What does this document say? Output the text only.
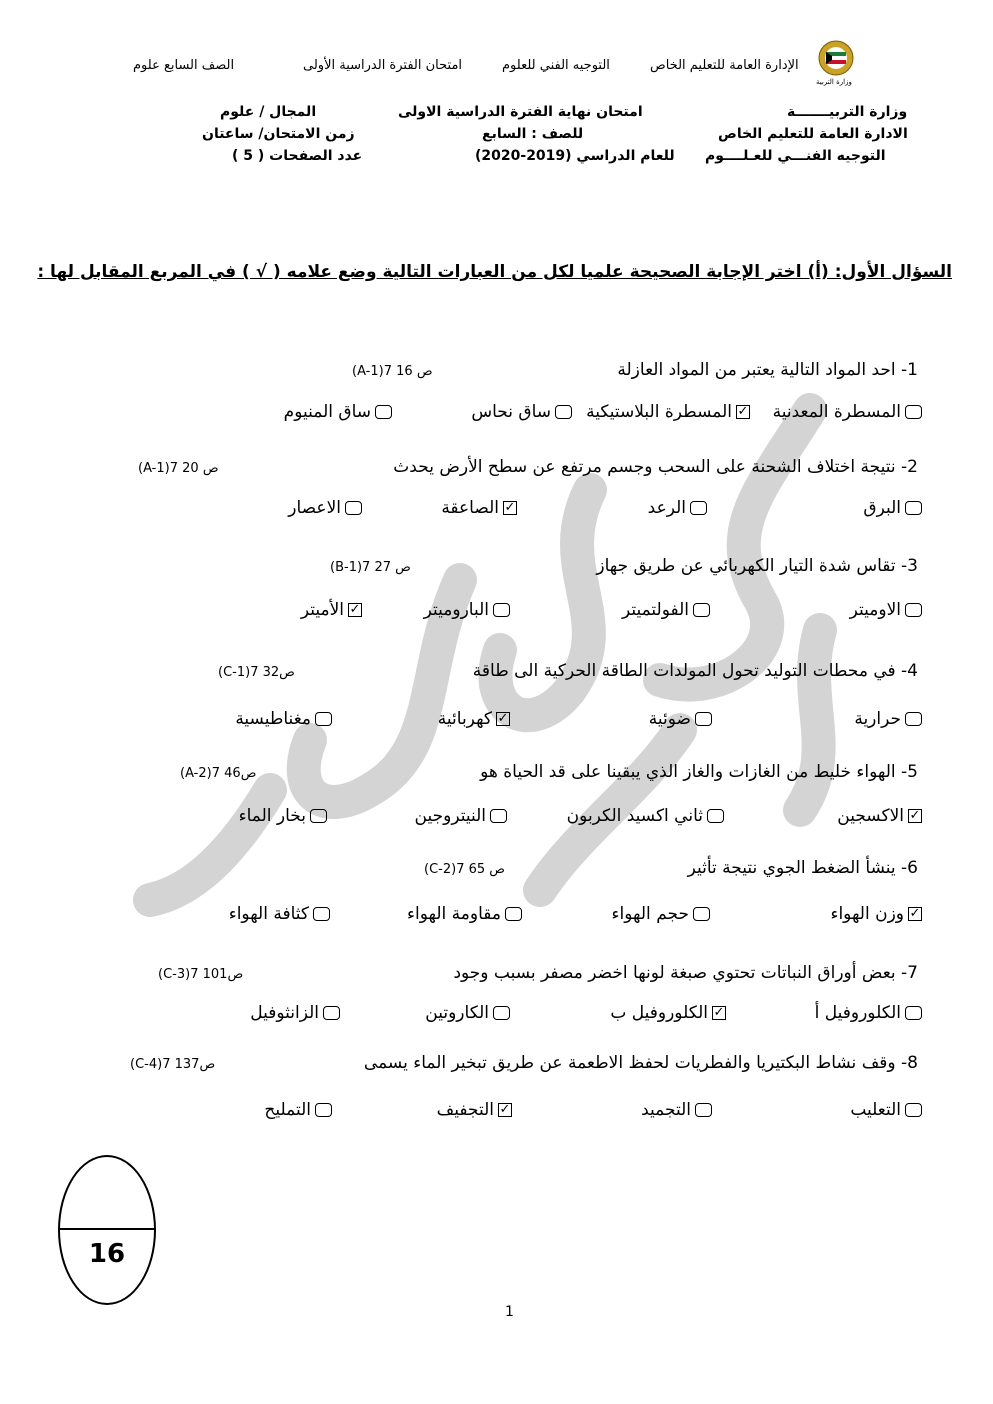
الإدارة العامة للتعليم الخاص
التوجيه الفني للعلوم
امتحان الفترة الدراسية الأولى
الصف السابع علوم
وزارة التربية
وزارة التربيـــــــة
الادارة العامة للتعليم الخاص
التوجيه الفنـــي للعـلــــوم
امتحان نهاية الفترة الدراسية الاولى
للصف : السابع
للعام الدراسي (2019-2020)
المجال / علوم
زمن الامتحان/ ساعتان
عدد الصفحات ( 5 )
السؤال الأول: (أ) اختر الإجابة الصحيحة علميا لكل من العبارات التالية وضع علامه ( √ ) في المربع المقابل لها :
1- احد المواد التالية يعتبر من المواد العازلة
ص 16 7(A-1)
المسطرة المعدنية
✓
المسطرة البلاستيكية
ساق نحاس
ساق المنيوم
2- نتيجة اختلاف الشحنة على السحب وجسم مرتفع عن سطح الأرض يحدث
ص 20 7(A-1)
البرق
الرعد
✓
الصاعقة
الاعصار
3- تقاس شدة التيار الكهربائي عن طريق جهاز
ص 27 7(B-1)
الاوميتر
الفولتميتر
الباروميتر
✓
الأميتر
4- في محطات التوليد تحول المولدات الطاقة الحركية الى طاقة
ص32 7(C-1)
حرارية
ضوئية
✓
كهربائية
مغناطيسية
5- الهواء خليط من الغازات والغاز الذي يبقينا على قد الحياة هو
ص46 7(A-2)
✓
الاكسجين
ثاني اكسيد الكربون
النيتروجين
بخار الماء
6- ينشأ الضغط الجوي نتيجة تأثير
ص 65 7(C-2)
✓
وزن الهواء
حجم الهواء
مقاومة الهواء
كثافة الهواء
7- بعض أوراق النباتات تحتوي صبغة لونها اخضر مصفر بسبب وجود
ص101 7(C-3)
الكلوروفيل أ
✓
الكلوروفيل ب
الكاروتين
الزانثوفيل
8- وقف نشاط البكتيريا والفطريات لحفظ الاطعمة عن طريق تبخير الماء يسمى
ص137 7(C-4)
التعليب
التجميد
✓
التجفيف
التمليح
16
1
